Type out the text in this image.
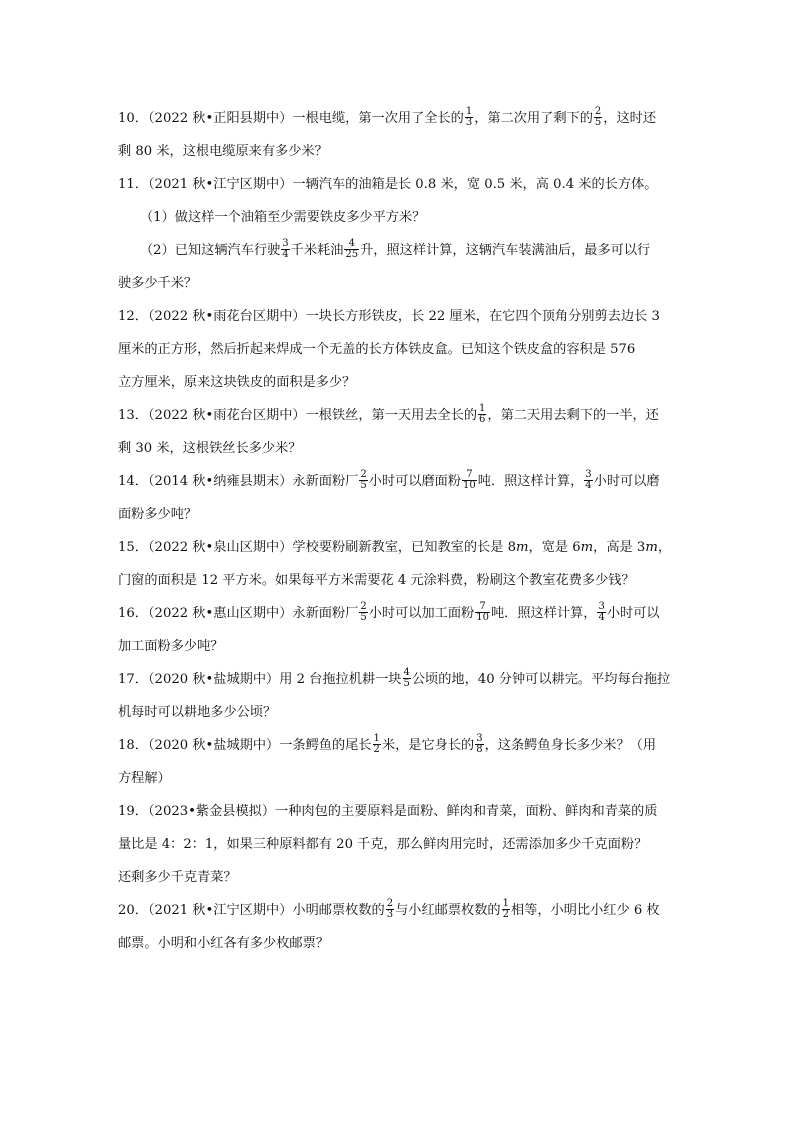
10．（2022 秋•正阳县期中）一根电缆，第一次用了全长的 $\frac{1}{3}$ ，第二次用了剩下的 $\frac{2}{5}$ ，这时还
剩 80 米，这根电缆原来有多少米？
11．（2021 秋•江宁区期中）一辆汽车的油箱是长 0.8 米，宽 0.5 米，高 0.4 米的长方体。
（1）做这样一个油箱至少需要铁皮多少平方米？
（2）已知这辆汽车行驶 $\frac{3}{4}$ 千米耗油 $\frac{4}{25}$ 升，照这样计算，这辆汽车装满油后，最多可以行
驶多少千米？
12．（2022 秋•雨花台区期中）一块长方形铁皮，长 22 厘米，在它四个顶角分别剪去边长 3
厘米的正方形，然后折起来焊成一个无盖的长方体铁皮盒。已知这个铁皮盒的容积是 576
立方厘米，原来这块铁皮的面积是多少？
13．（2022 秋•雨花台区期中）一根铁丝，第一天用去全长的 $\frac{1}{6}$ ，第二天用去剩下的一半，还
剩 30 米，这根铁丝长多少米？
14．（2014 秋•纳雍县期末）永新面粉厂 $\frac{2}{5}$ 小时可以磨面粉 $\frac{7}{10}$ 吨．照这样计算， $\frac{3}{4}$ 小时可以磨
面粉多少吨？
15．（2022 秋•泉山区期中）学校要粉刷新教室，已知教室的长是 8m，宽是 6m，高是 3m，
门窗的面积是 12 平方米。如果每平方米需要花 4 元涂料费，粉刷这个教室花费多少钱？
16．（2022 秋•惠山区期中）永新面粉厂 $\frac{2}{5}$ 小时可以加工面粉 $\frac{7}{10}$ 吨．照这样计算， $\frac{3}{4}$ 小时可以
加工面粉多少吨？
17．（2020 秋•盐城期中）用 2 台拖拉机耕一块 $\frac{4}{5}$ 公顷的地，40 分钟可以耕完。平均每台拖拉
机每时可以耕地多少公顷？
18．（2020 秋•盐城期中）一条鳄鱼的尾长 $\frac{1}{2}$ 米，是它身长的 $\frac{3}{8}$ ，这条鳄鱼身长多少米？（用
方程解）
19．（2023•紫金县模拟）一种肉包的主要原料是面粉、鲜肉和青菜，面粉、鲜肉和青菜的质
量比是 4：2：1，如果三种原料都有 20 千克，那么鲜肉用完时，还需添加多少千克面粉？
还剩多少千克青菜？
20．（2021 秋•江宁区期中）小明邮票枚数的 $\frac{2}{3}$ 与小红邮票枚数的 $\frac{1}{2}$ 相等，小明比小红少 6 枚
邮票。小明和小红各有多少枚邮票？
